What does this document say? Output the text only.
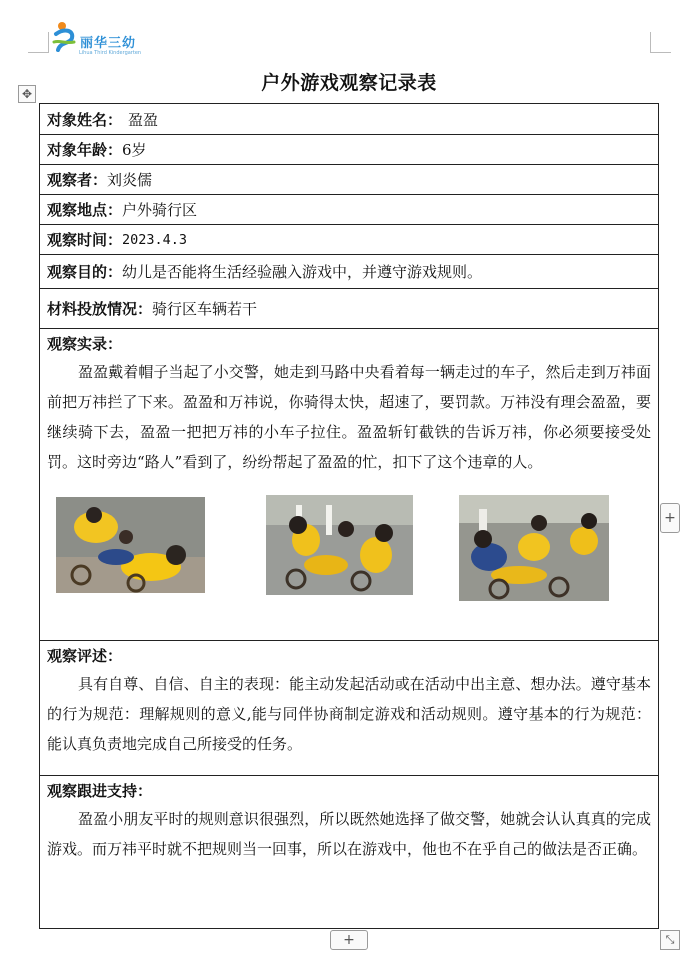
丽华三幼
Lihua Third Kindergarten
✥	户外游戏观察记录表
对象姓名： 盈盈
对象年龄： 6岁
观察者： 刘炎儒
观察地点： 户外骑行区
观察时间： 2023.4.3
观察目的： 幼儿是否能将生活经验融入游戏中，并遵守游戏规则。
材料投放情况： 骑行区车辆若干
观察实录：

盈盈戴着帽子当起了小交警，她走到马路中央看着每一辆走过的车子，然后走到万祎面前把万祎拦了下来。盈盈和万祎说，你骑得太快，超速了，要罚款。万祎没有理会盈盈，要继续骑下去，盈盈一把把万祎的小车子拉住。盈盈斩钉截铁的告诉万祎，你必须要接受处罚。这时旁边“路人”看到了，纷纷帮起了盈盈的忙，扣下了这个违章的人。

观察评述：

具有自尊、自信、自主的表现：能主动发起活动或在活动中出主意、想办法。遵守基本的行为规范：理解规则的意义,能与同伴协商制定游戏和活动规则。遵守基本的行为规范：能认真负责地完成自己所接受的任务。

观察跟进支持：

盈盈小朋友平时的规则意识很强烈，所以既然她选择了做交警，她就会认认真真的完成游戏。而万祎平时就不把规则当一回事，所以在游戏中，他也不在乎自己的做法是否正确。

+
+	⤡
